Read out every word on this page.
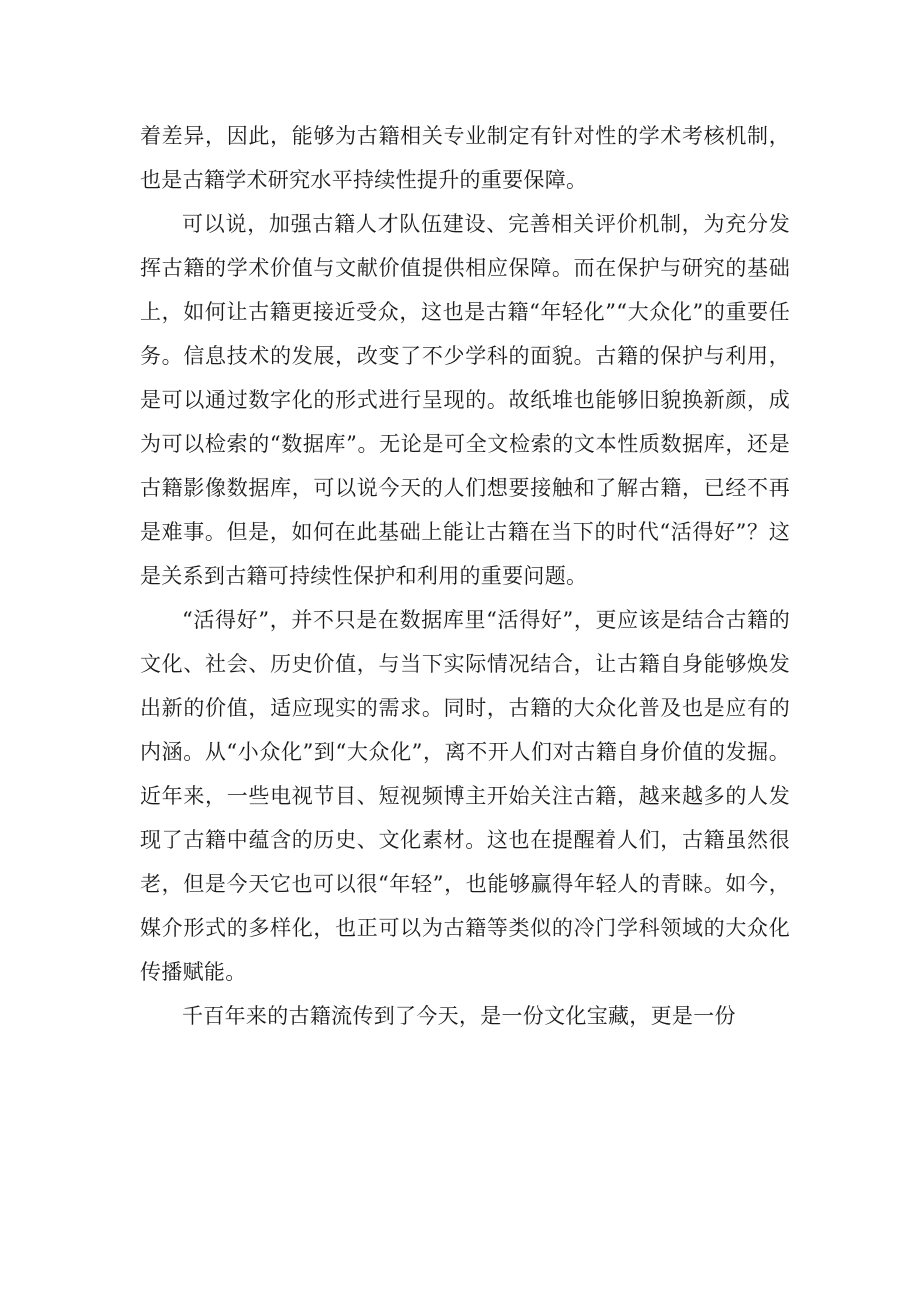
着差异，因此，能够为古籍相关专业制定有针对性的学术考核机制，也是古籍学术研究水平持续性提升的重要保障。

可以说，加强古籍人才队伍建设、完善相关评价机制，为充分发挥古籍的学术价值与文献价值提供相应保障。而在保护与研究的基础上，如何让古籍更接近受众，这也是古籍“年轻化”“大众化”的重要任务。信息技术的发展，改变了不少学科的面貌。古籍的保护与利用，是可以通过数字化的形式进行呈现的。故纸堆也能够旧貌换新颜，成为可以检索的“数据库”。无论是可全文检索的文本性质数据库，还是古籍影像数据库，可以说今天的人们想要接触和了解古籍，已经不再是难事。但是，如何在此基础上能让古籍在当下的时代“活得好”？这是关系到古籍可持续性保护和利用的重要问题。

“活得好”，并不只是在数据库里“活得好”，更应该是结合古籍的文化、社会、历史价值，与当下实际情况结合，让古籍自身能够焕发出新的价值，适应现实的需求。同时，古籍的大众化普及也是应有的内涵。从“小众化”到“大众化”，离不开人们对古籍自身价值的发掘。近年来，一些电视节目、短视频博主开始关注古籍，越来越多的人发现了古籍中蕴含的历史、文化素材。这也在提醒着人们，古籍虽然很老，但是今天它也可以很“年轻”，也能够赢得年轻人的青睐。如今，媒介形式的多样化，也正可以为古籍等类似的冷门学科领域的大众化传播赋能。

千百年来的古籍流传到了今天，是一份文化宝藏，更是一份
